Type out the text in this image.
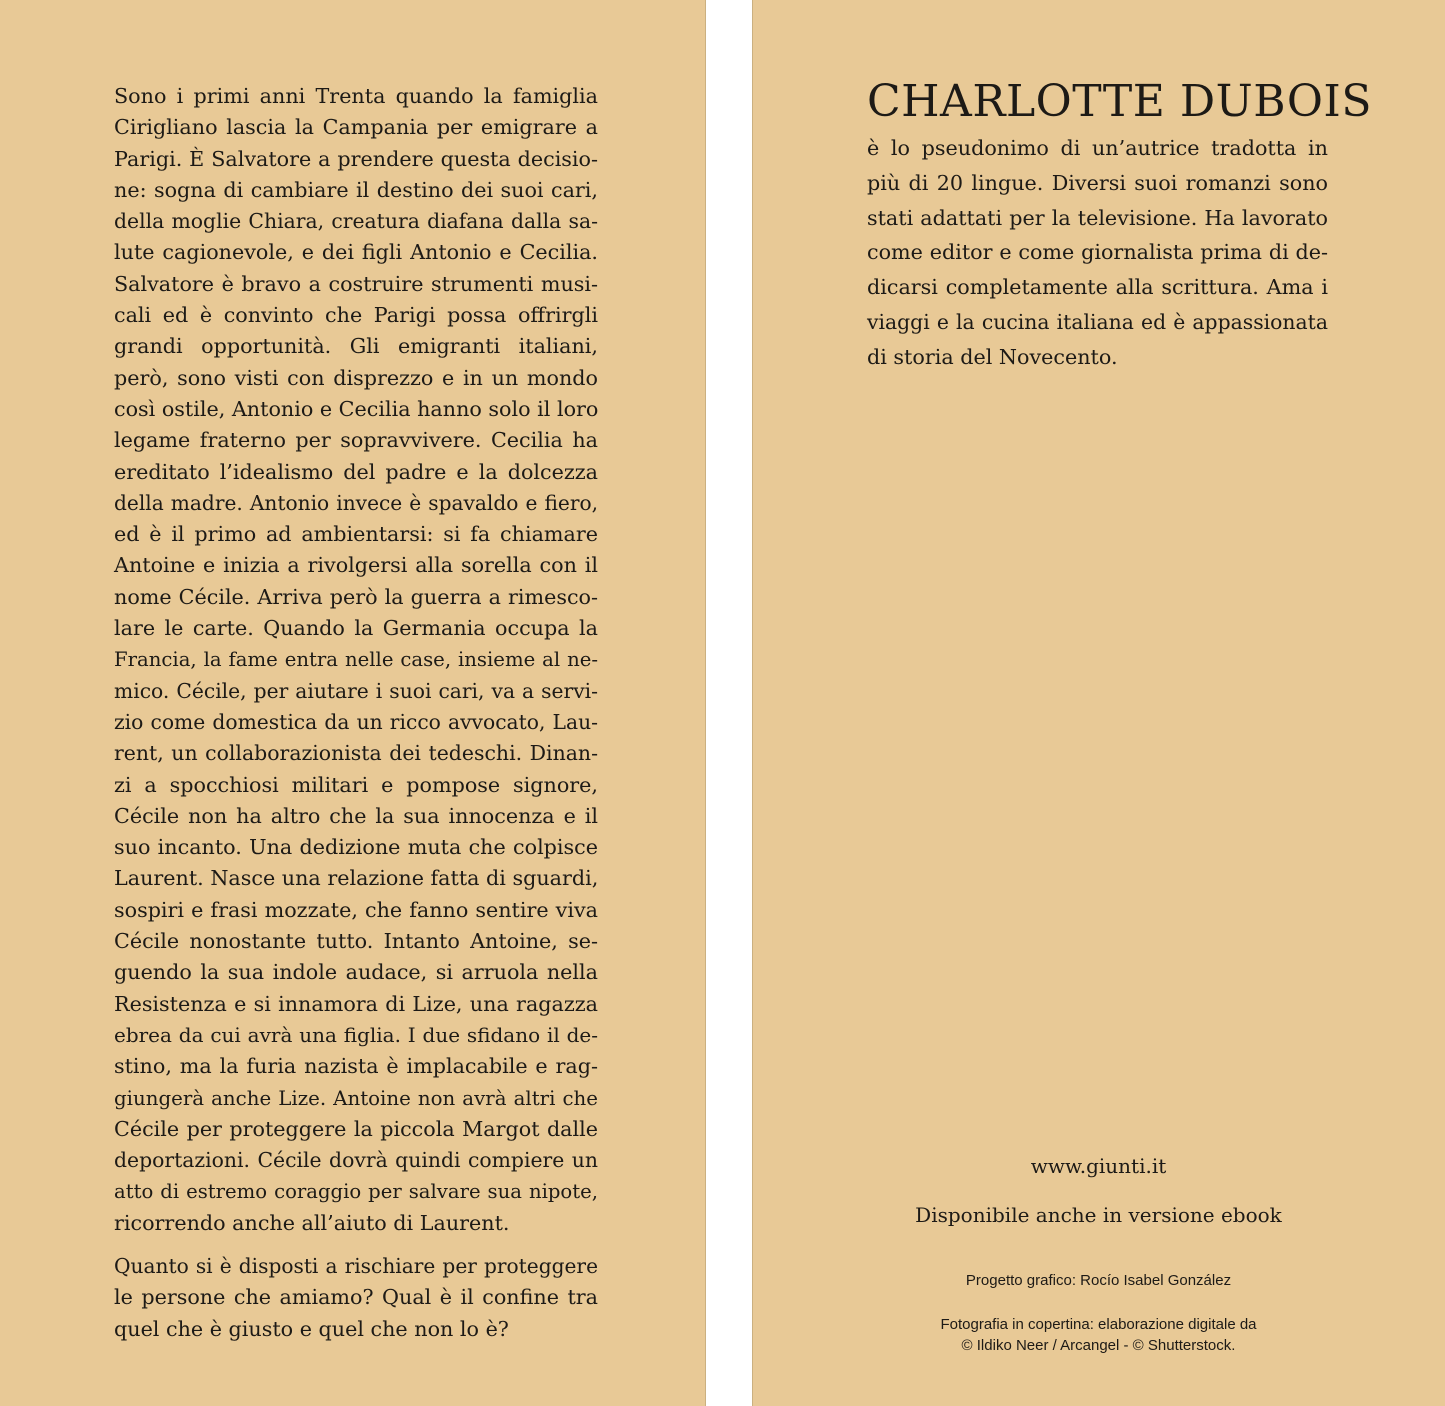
Sono i primi anni Trenta quando la famiglia
Cirigliano lascia la Campania per emigrare a
Parigi. È Salvatore a prendere questa decisio-
ne: sogna di cambiare il destino dei suoi cari,
della moglie Chiara, creatura diafana dalla sa-
lute cagionevole, e dei figli Antonio e Cecilia.
Salvatore è bravo a costruire strumenti musi-
cali ed è convinto che Parigi possa offrirgli
grandi opportunità. Gli emigranti italiani,
però, sono visti con disprezzo e in un mondo
così ostile, Antonio e Cecilia hanno solo il loro
legame fraterno per sopravvivere. Cecilia ha
ereditato l’idealismo del padre e la dolcezza
della madre. Antonio invece è spavaldo e fiero,
ed è il primo ad ambientarsi: si fa chiamare
Antoine e inizia a rivolgersi alla sorella con il
nome Cécile. Arriva però la guerra a rimesco-
lare le carte. Quando la Germania occupa la
Francia, la fame entra nelle case, insieme al ne-
mico. Cécile, per aiutare i suoi cari, va a servi-
zio come domestica da un ricco avvocato, Lau-
rent, un collaborazionista dei tedeschi. Dinan-
zi a spocchiosi militari e pompose signore,
Cécile non ha altro che la sua innocenza e il
suo incanto. Una dedizione muta che colpisce
Laurent. Nasce una relazione fatta di sguardi,
sospiri e frasi mozzate, che fanno sentire viva
Cécile nonostante tutto. Intanto Antoine, se-
guendo la sua indole audace, si arruola nella
Resistenza e si innamora di Lize, una ragazza
ebrea da cui avrà una figlia. I due sfidano il de-
stino, ma la furia nazista è implacabile e rag-
giungerà anche Lize. Antoine non avrà altri che
Cécile per proteggere la piccola Margot dalle
deportazioni. Cécile dovrà quindi compiere un
atto di estremo coraggio per salvare sua nipote,
ricorrendo anche all’aiuto di Laurent.
Quanto si è disposti a rischiare per proteggere
le persone che amiamo? Qual è il confine tra
quel che è giusto e quel che non lo è?
CHARLOTTE DUBOIS
è lo pseudonimo di un’autrice tradotta in
più di 20 lingue. Diversi suoi romanzi sono
stati adattati per la televisione. Ha lavorato
come editor e come giornalista prima di de-
dicarsi completamente alla scrittura. Ama i
viaggi e la cucina italiana ed è appassionata
di storia del Novecento.
www.giunti.it
Disponibile anche in versione ebook
Progetto grafico: Rocío Isabel González
Fotografia in copertina: elaborazione digitale da
© Ildiko Neer / Arcangel - © Shutterstock.
